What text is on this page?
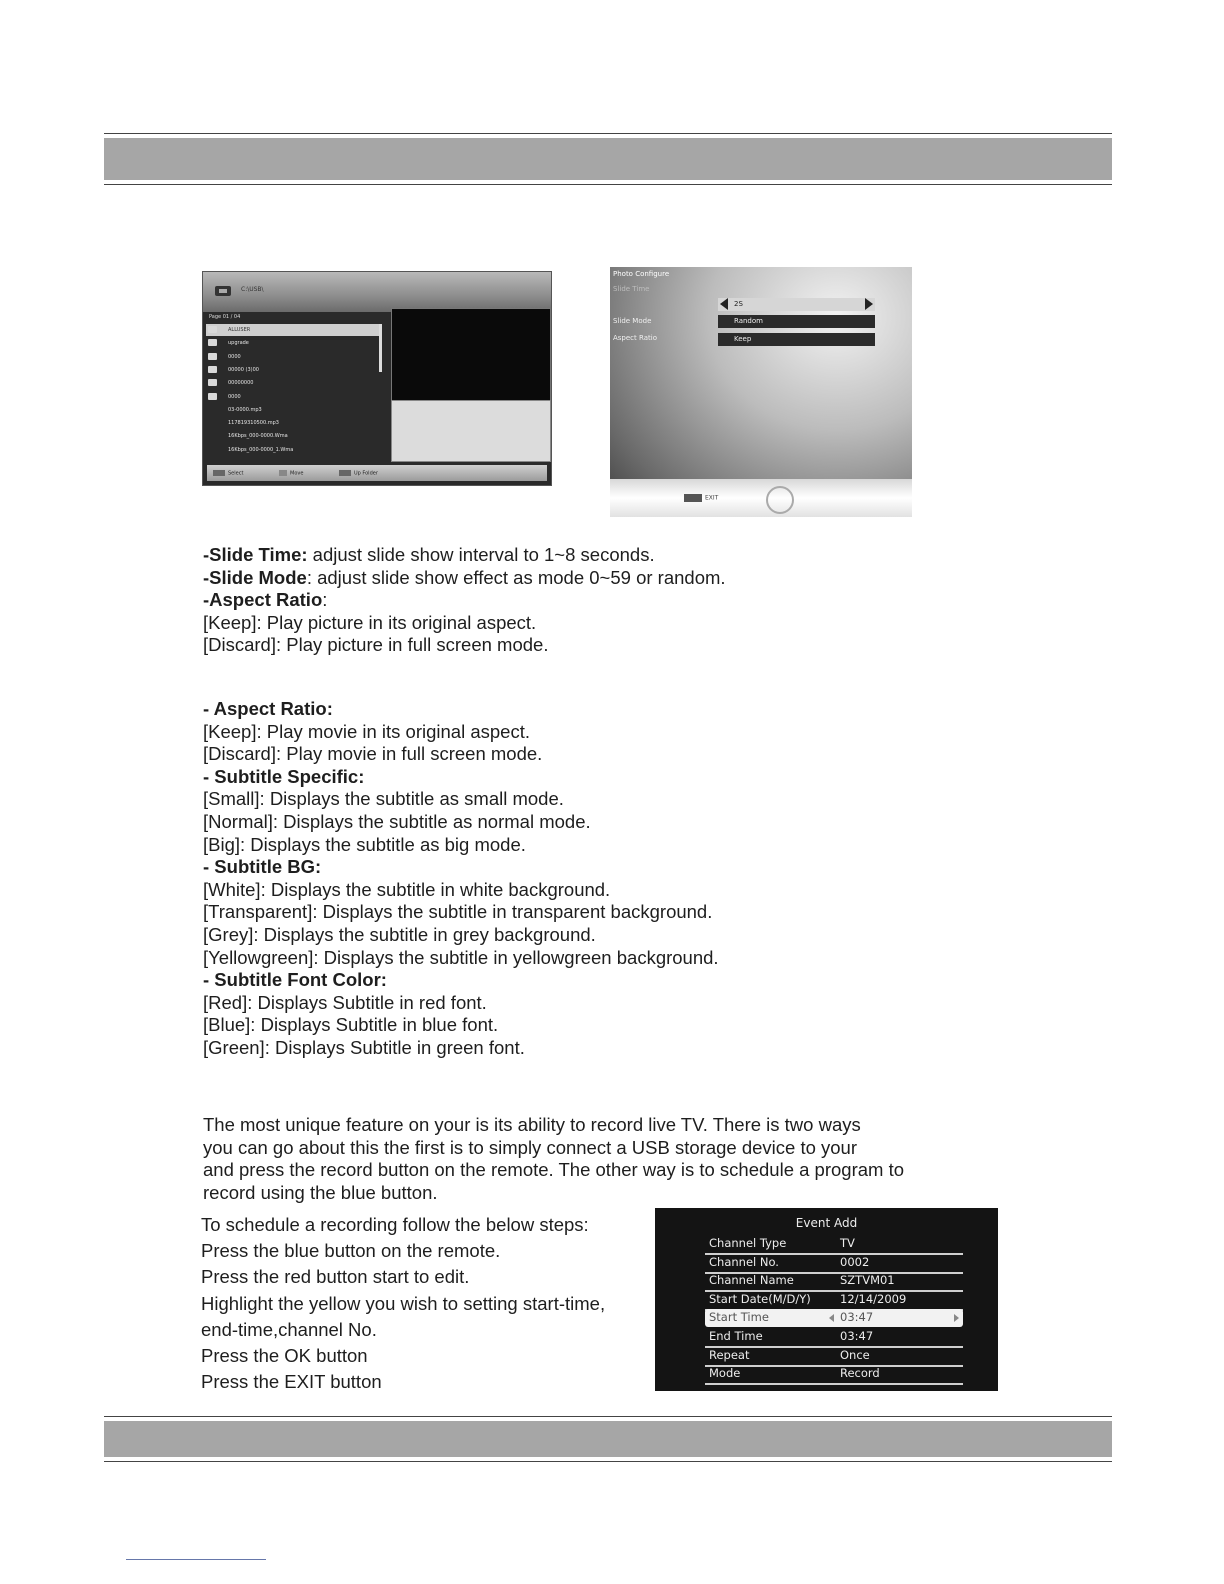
C:\USB\
Page 01 / 04
ALLUSER
upgrade
0000
00000 (3)00
00000000
0000
03-0000.mp3
117819310500.mp3
16Kbps_000-0000.Wma
16Kbps_000-0000_1.Wma
Select	Move	Up Folder
Photo Configure
Slide Time
2S
Slide Mode	Random
Aspect Ratio	Keep
EXIT
-Slide Time: adjust slide show interval to 1~8 seconds.
-Slide Mode: adjust slide show effect as mode 0~59 or random.
-Aspect Ratio:
[Keep]: Play picture in its original aspect.
[Discard]: Play picture in full screen mode.
- Aspect Ratio:
[Keep]: Play movie in its original aspect.
[Discard]: Play movie in full screen mode.
- Subtitle Specific:
[Small]: Displays the subtitle as small mode.
[Normal]: Displays the subtitle as normal mode.
[Big]: Displays the subtitle as big mode.
- Subtitle BG:
[White]: Displays the subtitle in white background.
[Transparent]: Displays the subtitle in transparent background.
[Grey]: Displays the subtitle in grey background.
[Yellowgreen]: Displays the subtitle in yellowgreen background.
- Subtitle Font Color:
[Red]: Displays Subtitle in red font.
[Blue]: Displays Subtitle in blue font.
[Green]: Displays Subtitle in green font.
The most unique feature on your is its ability to record live TV. There is two ways
you can go about this the first is to simply connect a USB storage device to your
and press the record button on the remote. The other way is to schedule a program to
record using the blue button.
To schedule a recording follow the below steps:
Press the blue button on the remote.
Press the red button start to edit.
Highlight the yellow you wish to setting start-time,
end-time,channel No.
Press the OK button
Press the EXIT button
Event Add
Channel Type	TV
Channel No.	0002
Channel Name	SZTVM01
Start Date(M/D/Y)	12/14/2009
Start Time	03:47
End Time	03:47
Repeat	Once
Mode	Record
